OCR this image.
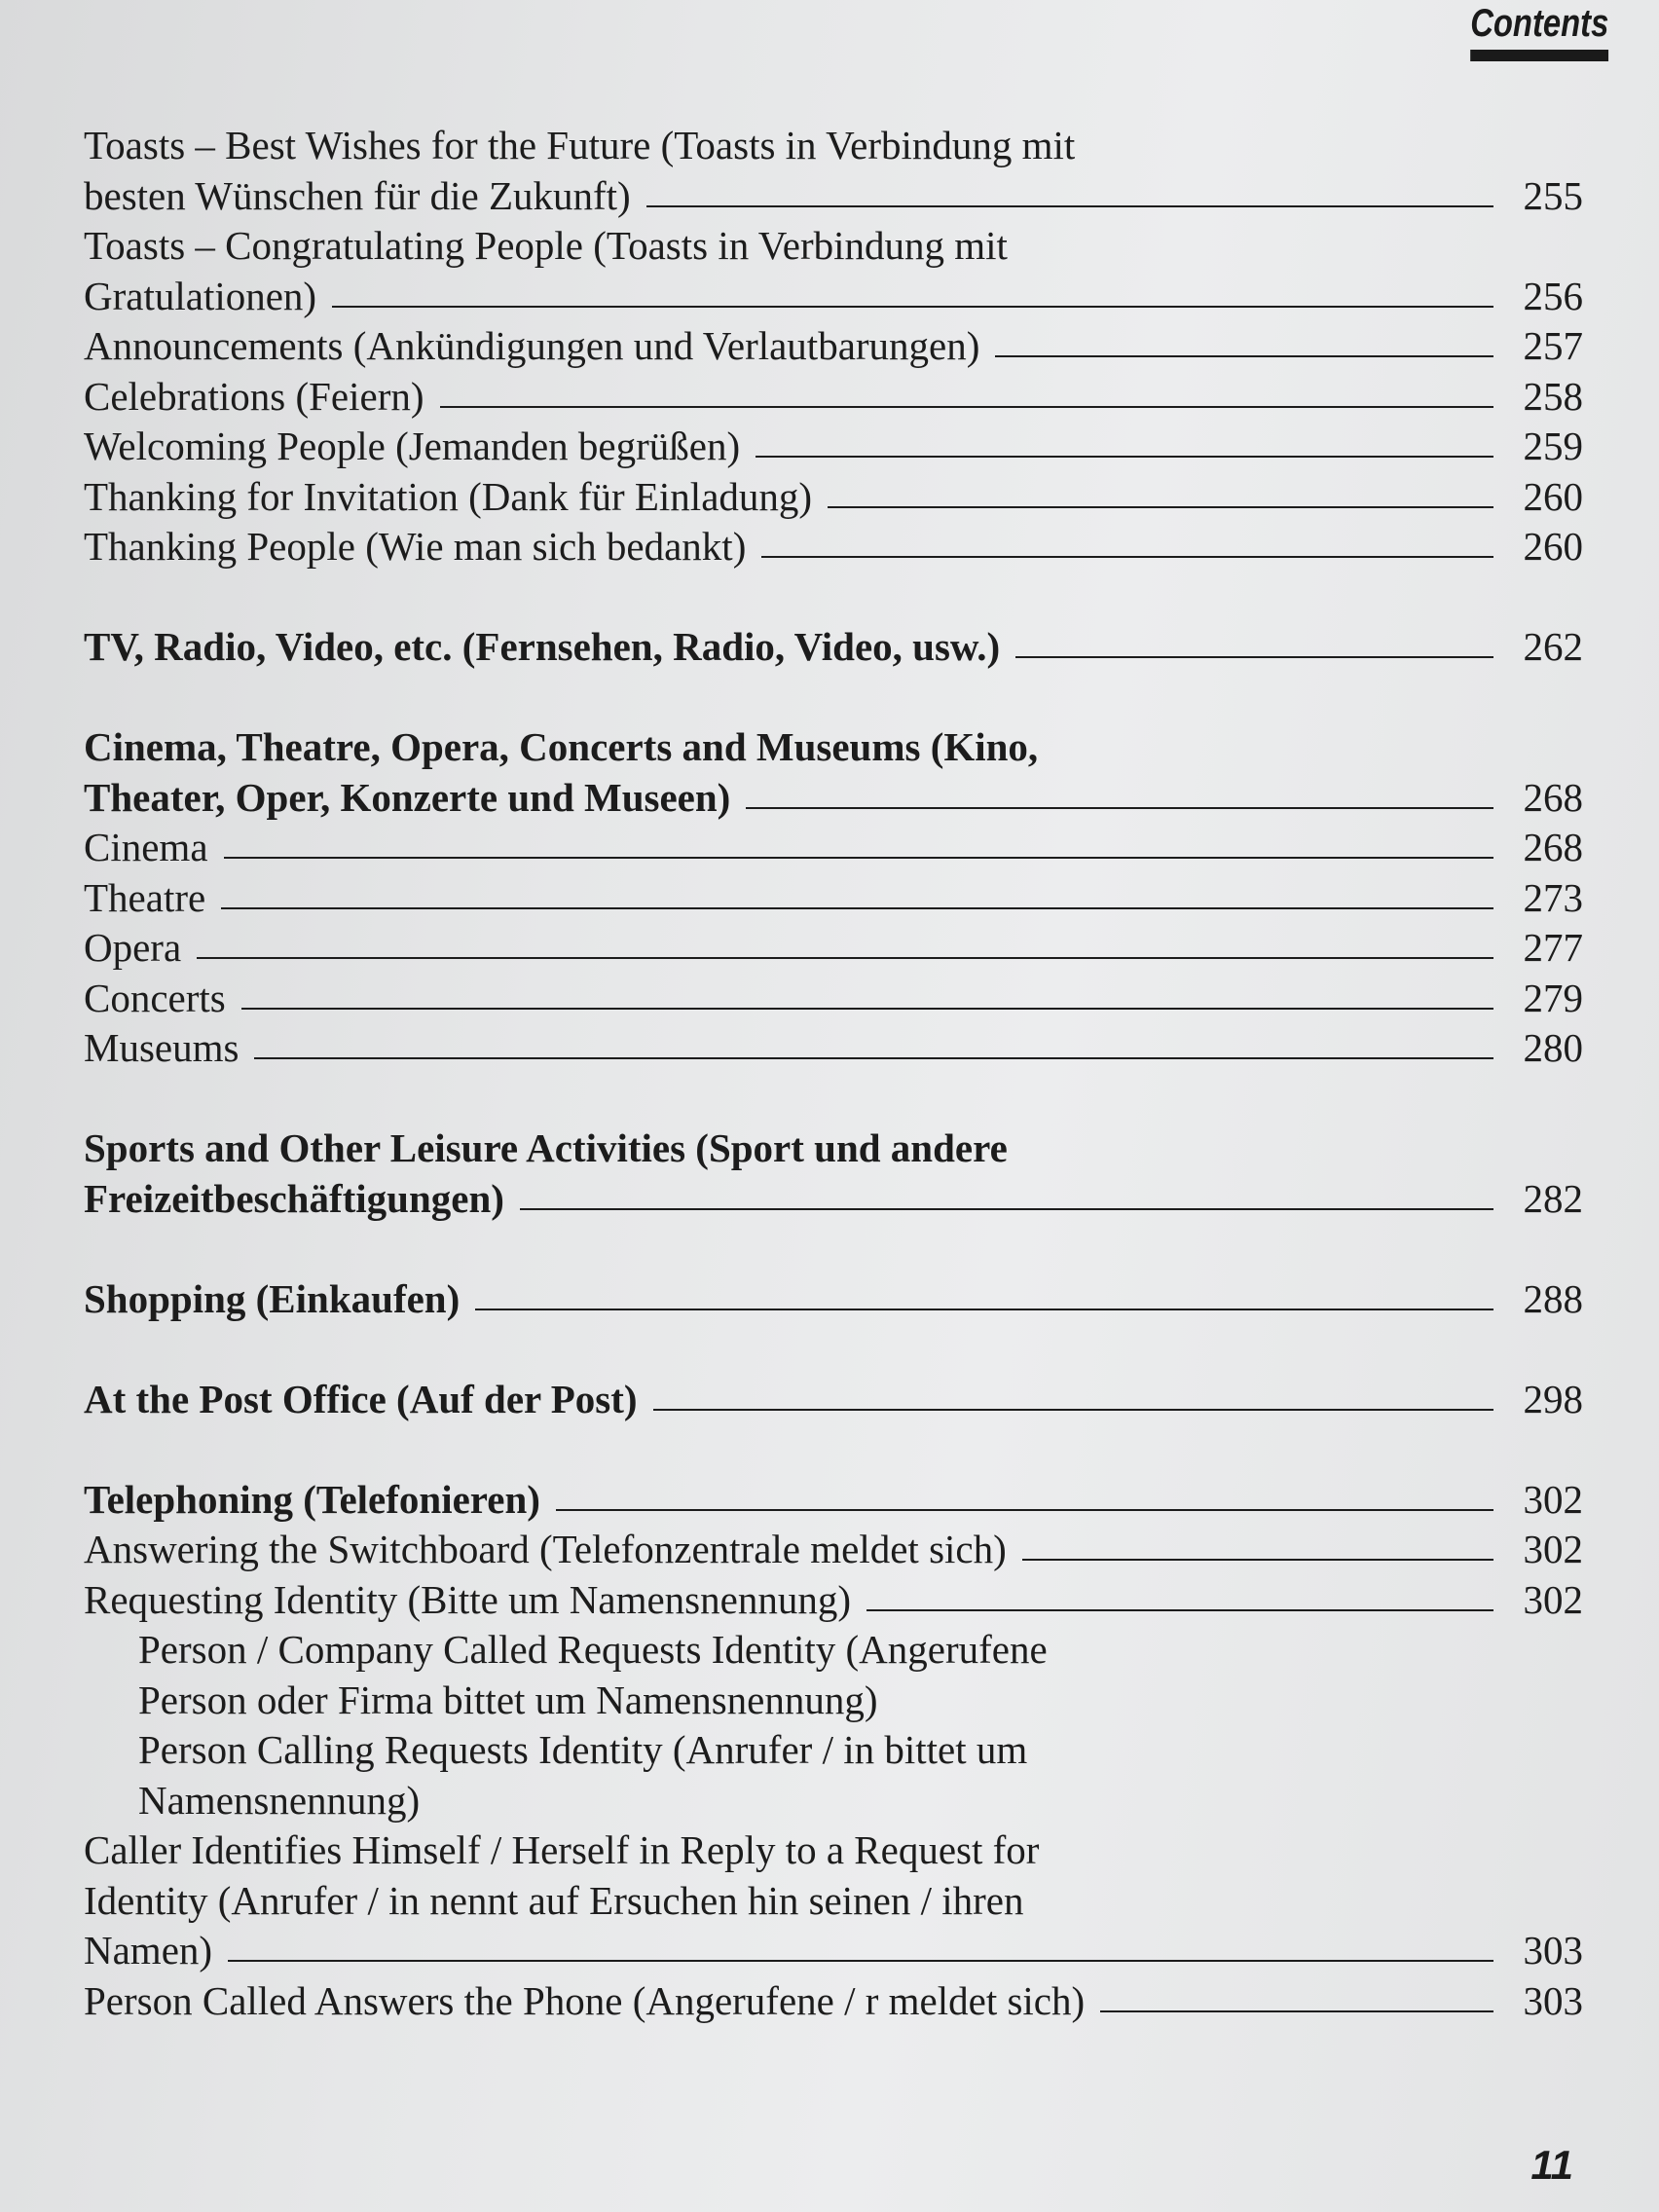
Contents
Toasts – Best Wishes for the Future (Toasts in Verbindung mit
besten Wünschen für die Zukunft)	255
Toasts – Congratulating People (Toasts in Verbindung mit
Gratulationen)	256
Announcements (Ankündigungen und Verlautbarungen)	257
Celebrations (Feiern)	258
Welcoming People (Jemanden begrüßen)	259
Thanking for Invitation (Dank für Einladung)	260
Thanking People (Wie man sich bedankt)	260
TV, Radio, Video, etc. (Fernsehen, Radio, Video, usw.)	262
Cinema, Theatre, Opera, Concerts and Museums (Kino,
Theater, Oper, Konzerte und Museen)	268
Cinema	268
Theatre	273
Opera	277
Concerts	279
Museums	280
Sports and Other Leisure Activities (Sport und andere
Freizeitbeschäftigungen)	282
Shopping (Einkaufen)	288
At the Post Office (Auf der Post)	298
Telephoning (Telefonieren)	302
Answering the Switchboard (Telefonzentrale meldet sich)	302
Requesting Identity (Bitte um Namensnennung)	302
Person / Company Called Requests Identity (Angerufene
Person oder Firma bittet um Namensnennung)
Person Calling Requests Identity (Anrufer / in bittet um
Namensnennung)
Caller Identifies Himself / Herself in Reply to a Request for
Identity (Anrufer / in nennt auf Ersuchen hin seinen / ihren
Namen)	303
Person Called Answers the Phone (Angerufene / r meldet sich)	303
11
